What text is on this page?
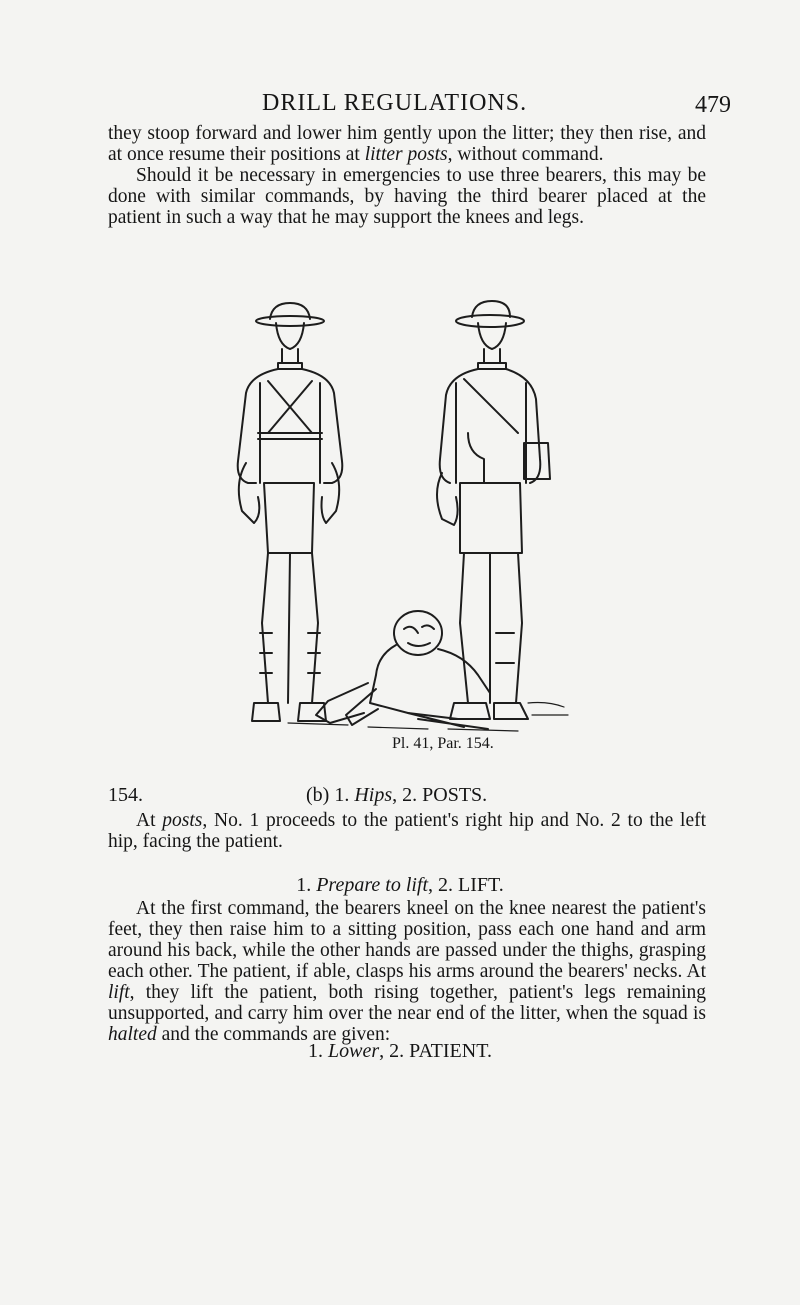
DRILL REGULATIONS.	479

they stoop forward and lower him gently upon the litter; they then rise, and at once resume their positions at litter posts, without command.
Should it be necessary in emergencies to use three bearers, this may be done with similar commands, by having the third bearer placed at the patient in such a way that he may support the knees and legs.

Pl. 41, Par. 154.
154.	(b) 1. Hips, 2. POSTS.

At posts, No. 1 proceeds to the patient's right hip and No. 2 to the left hip, facing the patient.

1. Prepare to lift, 2. LIFT.

At the first command, the bearers kneel on the knee nearest the patient's feet, they then raise him to a sitting position, pass each one hand and arm around his back, while the other hands are passed under the thighs, grasping each other. The patient, if able, clasps his arms around the bearers' necks. At lift, they lift the patient, both rising together, patient's legs remaining unsupported, and carry him over the near end of the litter, when the squad is halted and the commands are given:

1. Lower, 2. PATIENT.
